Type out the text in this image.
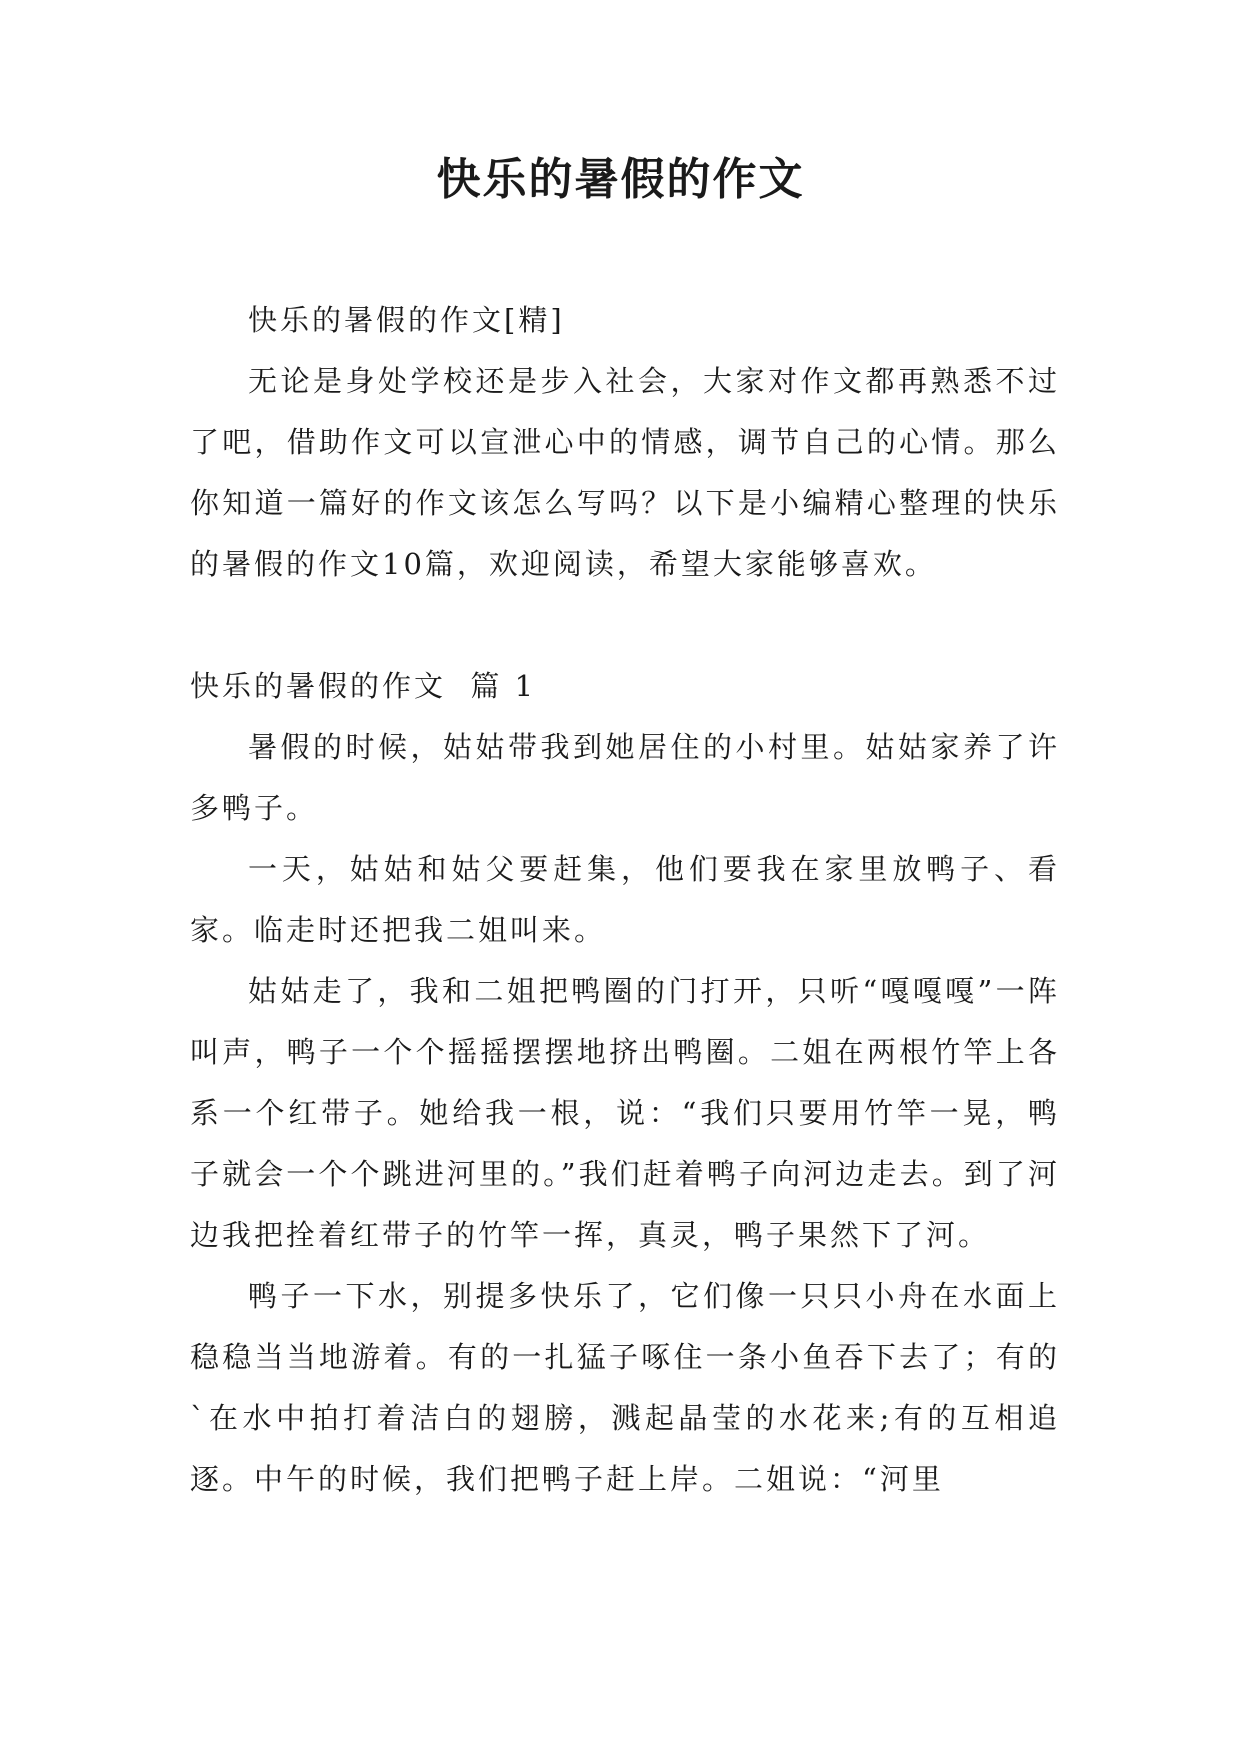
快乐的暑假的作文

快乐的暑假的作文[精]

无论是身处学校还是步入社会，大家对作文都再熟悉不过了吧，借助作文可以宣泄心中的情感，调节自己的心情。那么你知道一篇好的作文该怎么写吗？以下是小编精心整理的快乐的暑假的作文10篇，欢迎阅读，希望大家能够喜欢。

快乐的暑假的作文  篇 1

暑假的时候，姑姑带我到她居住的小村里。姑姑家养了许多鸭子。

一天，姑姑和姑父要赶集，他们要我在家里放鸭子、看家。临走时还把我二姐叫来。

姑姑走了，我和二姐把鸭圈的门打开，只听“嘎嘎嘎”一阵叫声，鸭子一个个摇摇摆摆地挤出鸭圈。二姐在两根竹竿上各系一个红带子。她给我一根，说：“我们只要用竹竿一晃，鸭子就会一个个跳进河里的。”我们赶着鸭子向河边走去。到了河边我把拴着红带子的竹竿一挥，真灵，鸭子果然下了河。

鸭子一下水，别提多快乐了，它们像一只只小舟在水面上稳稳当当地游着。有的一扎猛子啄住一条小鱼吞下去了；有的`在水中拍打着洁白的翅膀，溅起晶莹的水花来;有的互相追逐。中午的时候，我们把鸭子赶上岸。二姐说：“河里
